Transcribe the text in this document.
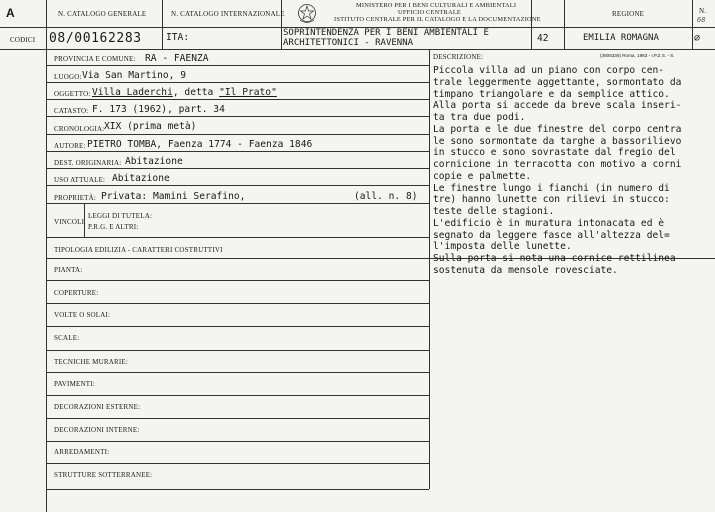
A	N. CATALOGO GENERALE	N. CATALOGO INTERNAZIONALE
MINISTERO PER I BENI CULTURALI E AMBIENTALI
UFFICIO CENTRALE
ISTITUTO CENTRALE PER IL CATALOGO E LA DOCUMENTAZIONE
REGIONE	N.
68
CODICI 08/00162283	ITA:	SOPRINTENDENZA PER I BENI AMBIENTALI E
ARCHITETTONICI - RAVENNA	42	EMILIA ROMAGNA	∅
PROVINCIA E COMUNE: RA - FAENZA
LUOGO: Via San Martino, 9
OGGETTO: Villa Laderchi, detta "Il Prato"
CATASTO: F. 173 (1962), part. 34
CRONOLOGIA: XIX (prima metà)
AUTORE: PIETRO TOMBA, Faenza 1774 - Faenza 1846
DEST. ORIGINARIA: Abitazione
USO ATTUALE: Abitazione
PROPRIETÀ: Privata: Mamini Serafino,	(all. n. 8)
VINCOLI
LEGGI DI TUTELA:
P.R.G. E ALTRI:
TIPOLOGIA EDILIZIA - CARATTERI COSTRUTTIVI
PIANTA:
COPERTURE:
VOLTE O SOLAI:
SCALE:
TECNICHE MURARIE:
PAVIMENTI:
DECORAZIONI ESTERNE:
DECORAZIONI INTERNE:
ARREDAMENTI:
STRUTTURE SOTTERRANEE:
DESCRIZIONE:	(3606336) Roma, 1983 - I.P.Z.S. - S.
Piccola villa ad un piano con corpo cen-
trale leggermente aggettante, sormontato da
timpano triangolare e da semplice attico.
Alla porta si accede da breve scala inseri-
ta tra due podi.
La porta e le due finestre del corpo centra
le sono sormontate da targhe a bassorilievo
in stucco e sono sovrastate dal fregio del
cornicione in terracotta con motivo a corni
copie e palmette.
Le finestre lungo i fianchi (in numero di
tre) hanno lunette con rilievi in stucco:
teste delle stagioni.
L'edificio è in muratura intonacata ed è
segnato da leggere fasce all'altezza del=
l'imposta delle lunette.
Sulla porta si nota una cornice rettilinea
sostenuta da mensole rovesciate.
